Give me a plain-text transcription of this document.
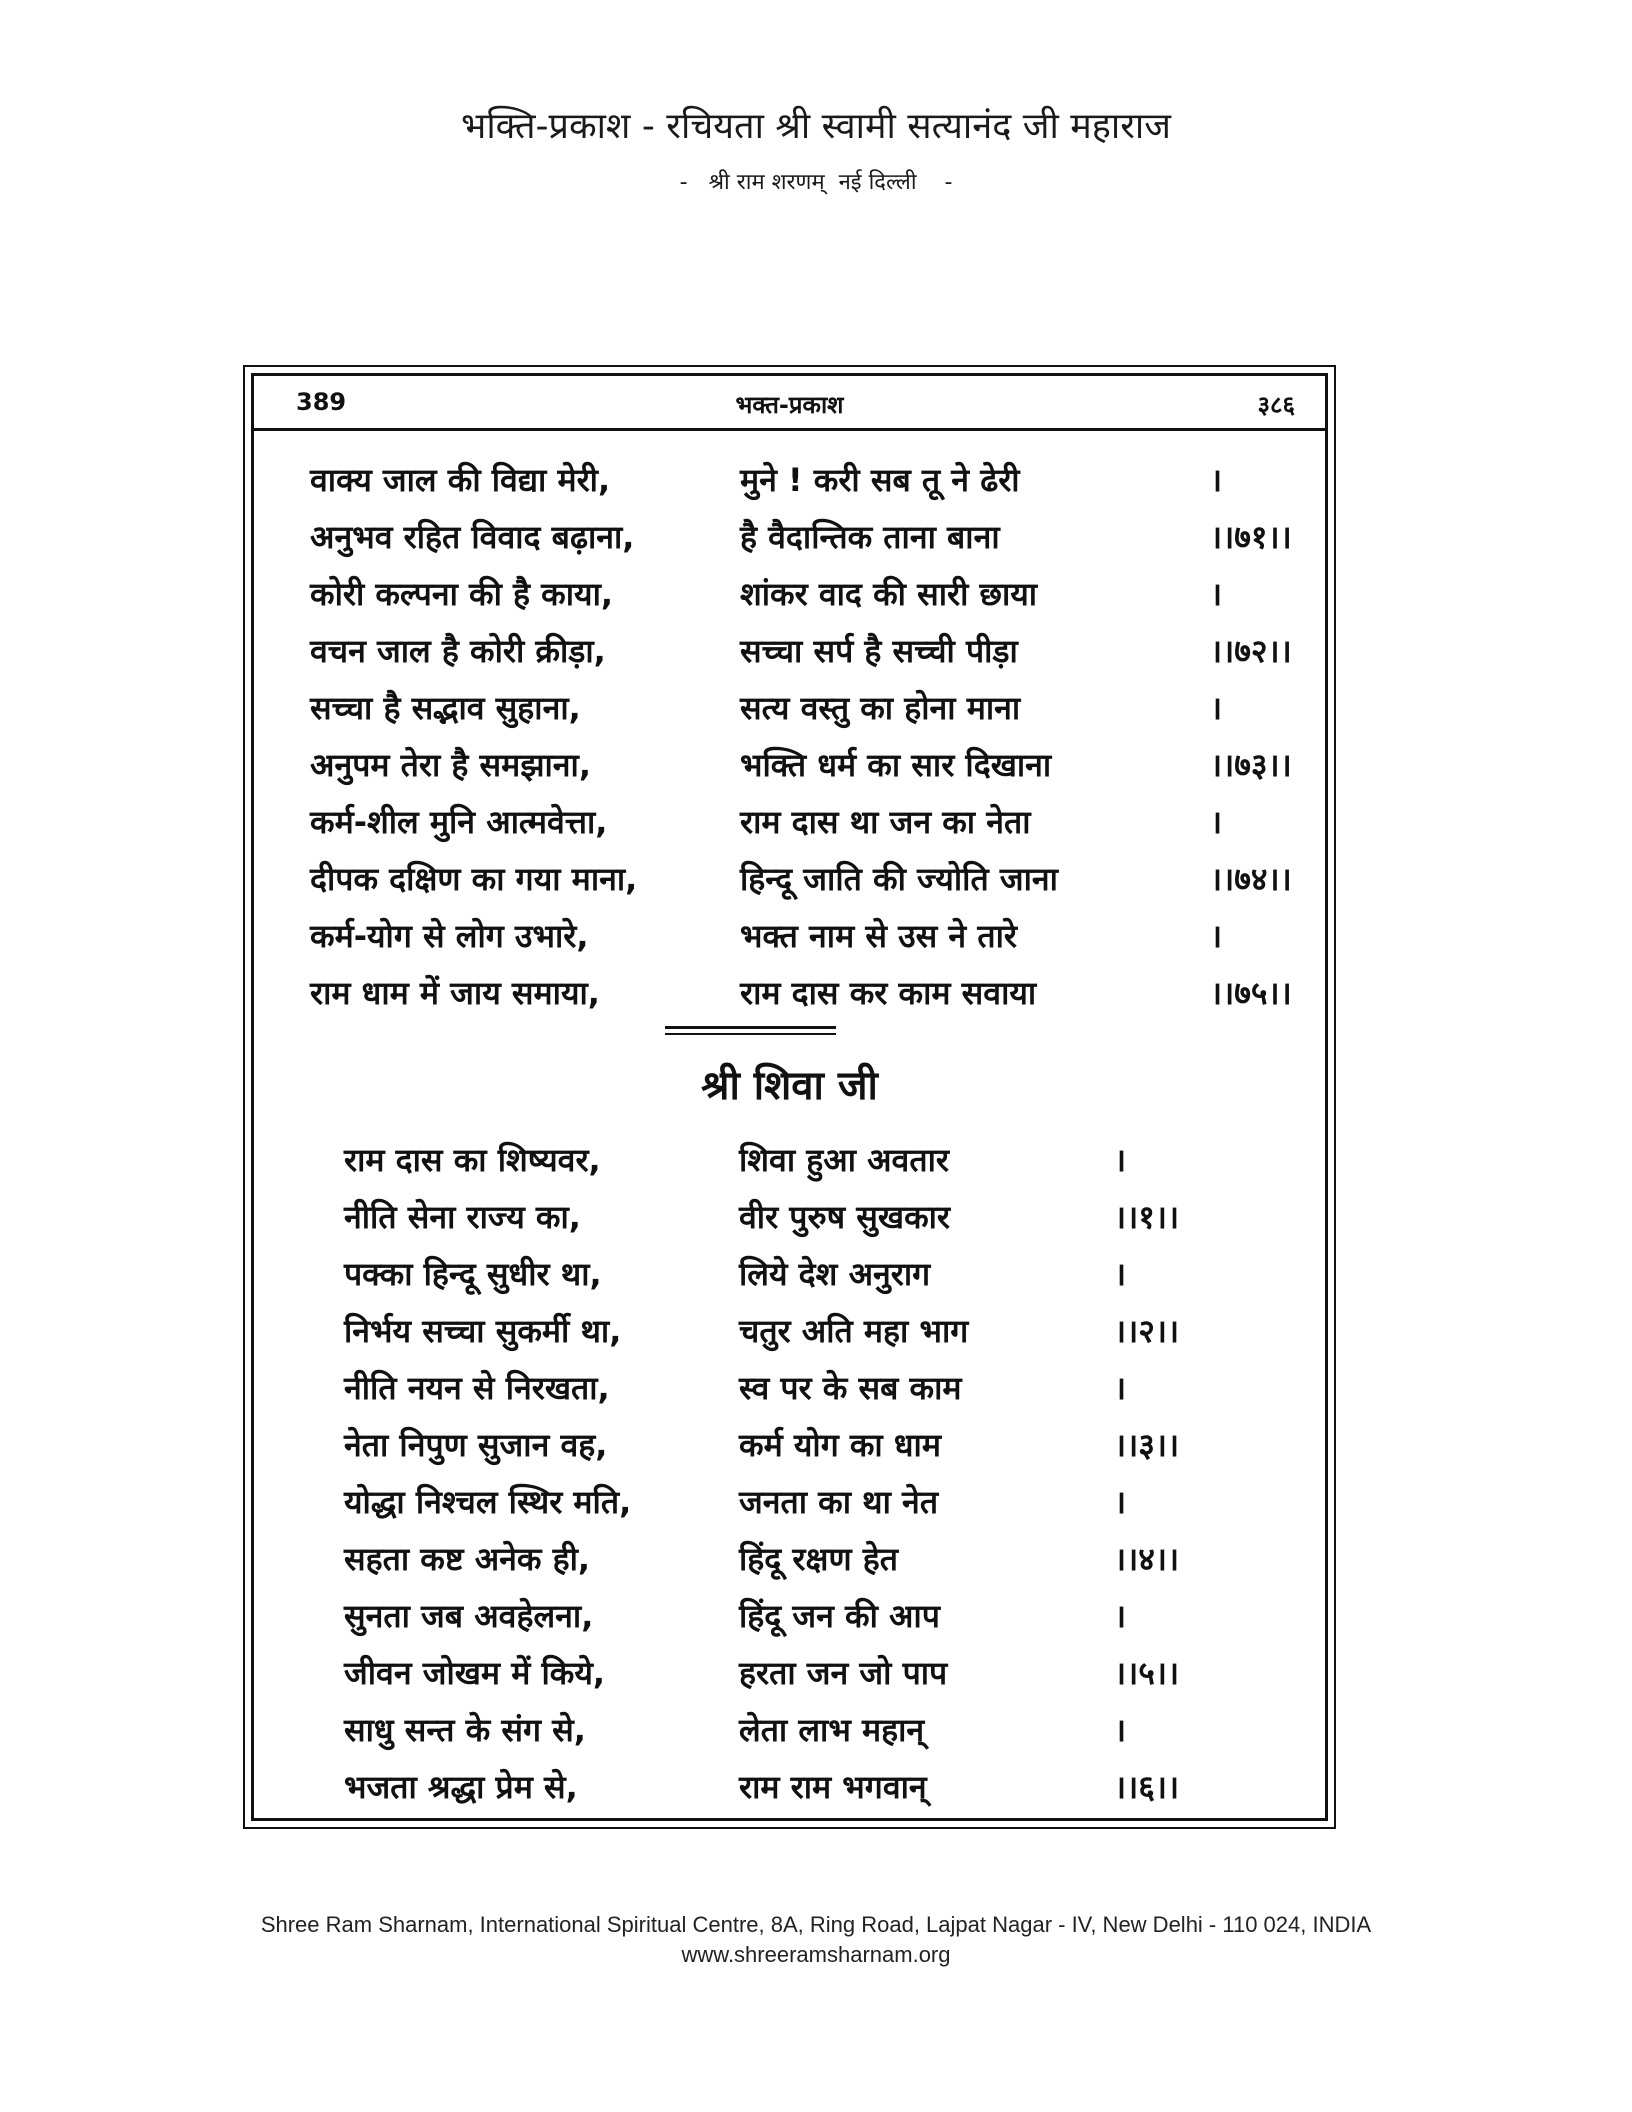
भक्ति-प्रकाश - रचियता श्री स्वामी सत्यानंद जी महाराज
-   श्री राम शरणम्  नई दिल्ली    -
389	भक्त-प्रकाश	३८६
वाक्य जाल की विद्या मेरी,	मुने ! करी सब तू ने ढेरी	।
अनुभव रहित विवाद बढ़ाना,	है वैदान्तिक ताना बाना	।।७१।।
कोरी कल्पना की है काया,	शांकर वाद की सारी छाया	।
वचन जाल है कोरी क्रीड़ा,	सच्चा सर्प है सच्ची पीड़ा	।।७२।।
सच्चा है सद्भाव सुहाना,	सत्य वस्तु का होना माना	।
अनुपम तेरा है समझाना,	भक्ति धर्म का सार दिखाना	।।७३।।
कर्म-शील मुनि आत्मवेत्ता,	राम दास था जन का नेता	।
दीपक दक्षिण का गया माना,	हिन्दू जाति की ज्योति जाना	।।७४।।
कर्म-योग से लोग उभारे,	भक्त नाम से उस ने तारे	।
राम धाम में जाय समाया,	राम दास कर काम सवाया	।।७५।।
श्री शिवा जी
राम दास का शिष्यवर,	शिवा हुआ अवतार	।
नीति सेना राज्य का,	वीर पुरुष सुखकार	।।१।।
पक्का हिन्दू सुधीर था,	लिये देश अनुराग	।
निर्भय सच्चा सुकर्मी था,	चतुर अति महा भाग	।।२।।
नीति नयन से निरखता,	स्व पर के सब काम	।
नेता निपुण सुजान वह,	कर्म योग का धाम	।।३।।
योद्धा निश्चल स्थिर मति,	जनता का था नेत	।
सहता कष्ट अनेक ही,	हिंदू रक्षण हेत	।।४।।
सुनता जब अवहेलना,	हिंदू जन की आप	।
जीवन जोखम में किये,	हरता जन जो पाप	।।५।।
साधु सन्त के संग से,	लेता लाभ महान्	।
भजता श्रद्धा प्रेम से,	राम राम भगवान्	।।६।।
Shree Ram Sharnam, International Spiritual Centre, 8A, Ring Road, Lajpat Nagar - IV, New Delhi - 110 024, INDIA
www.shreeramsharnam.org
